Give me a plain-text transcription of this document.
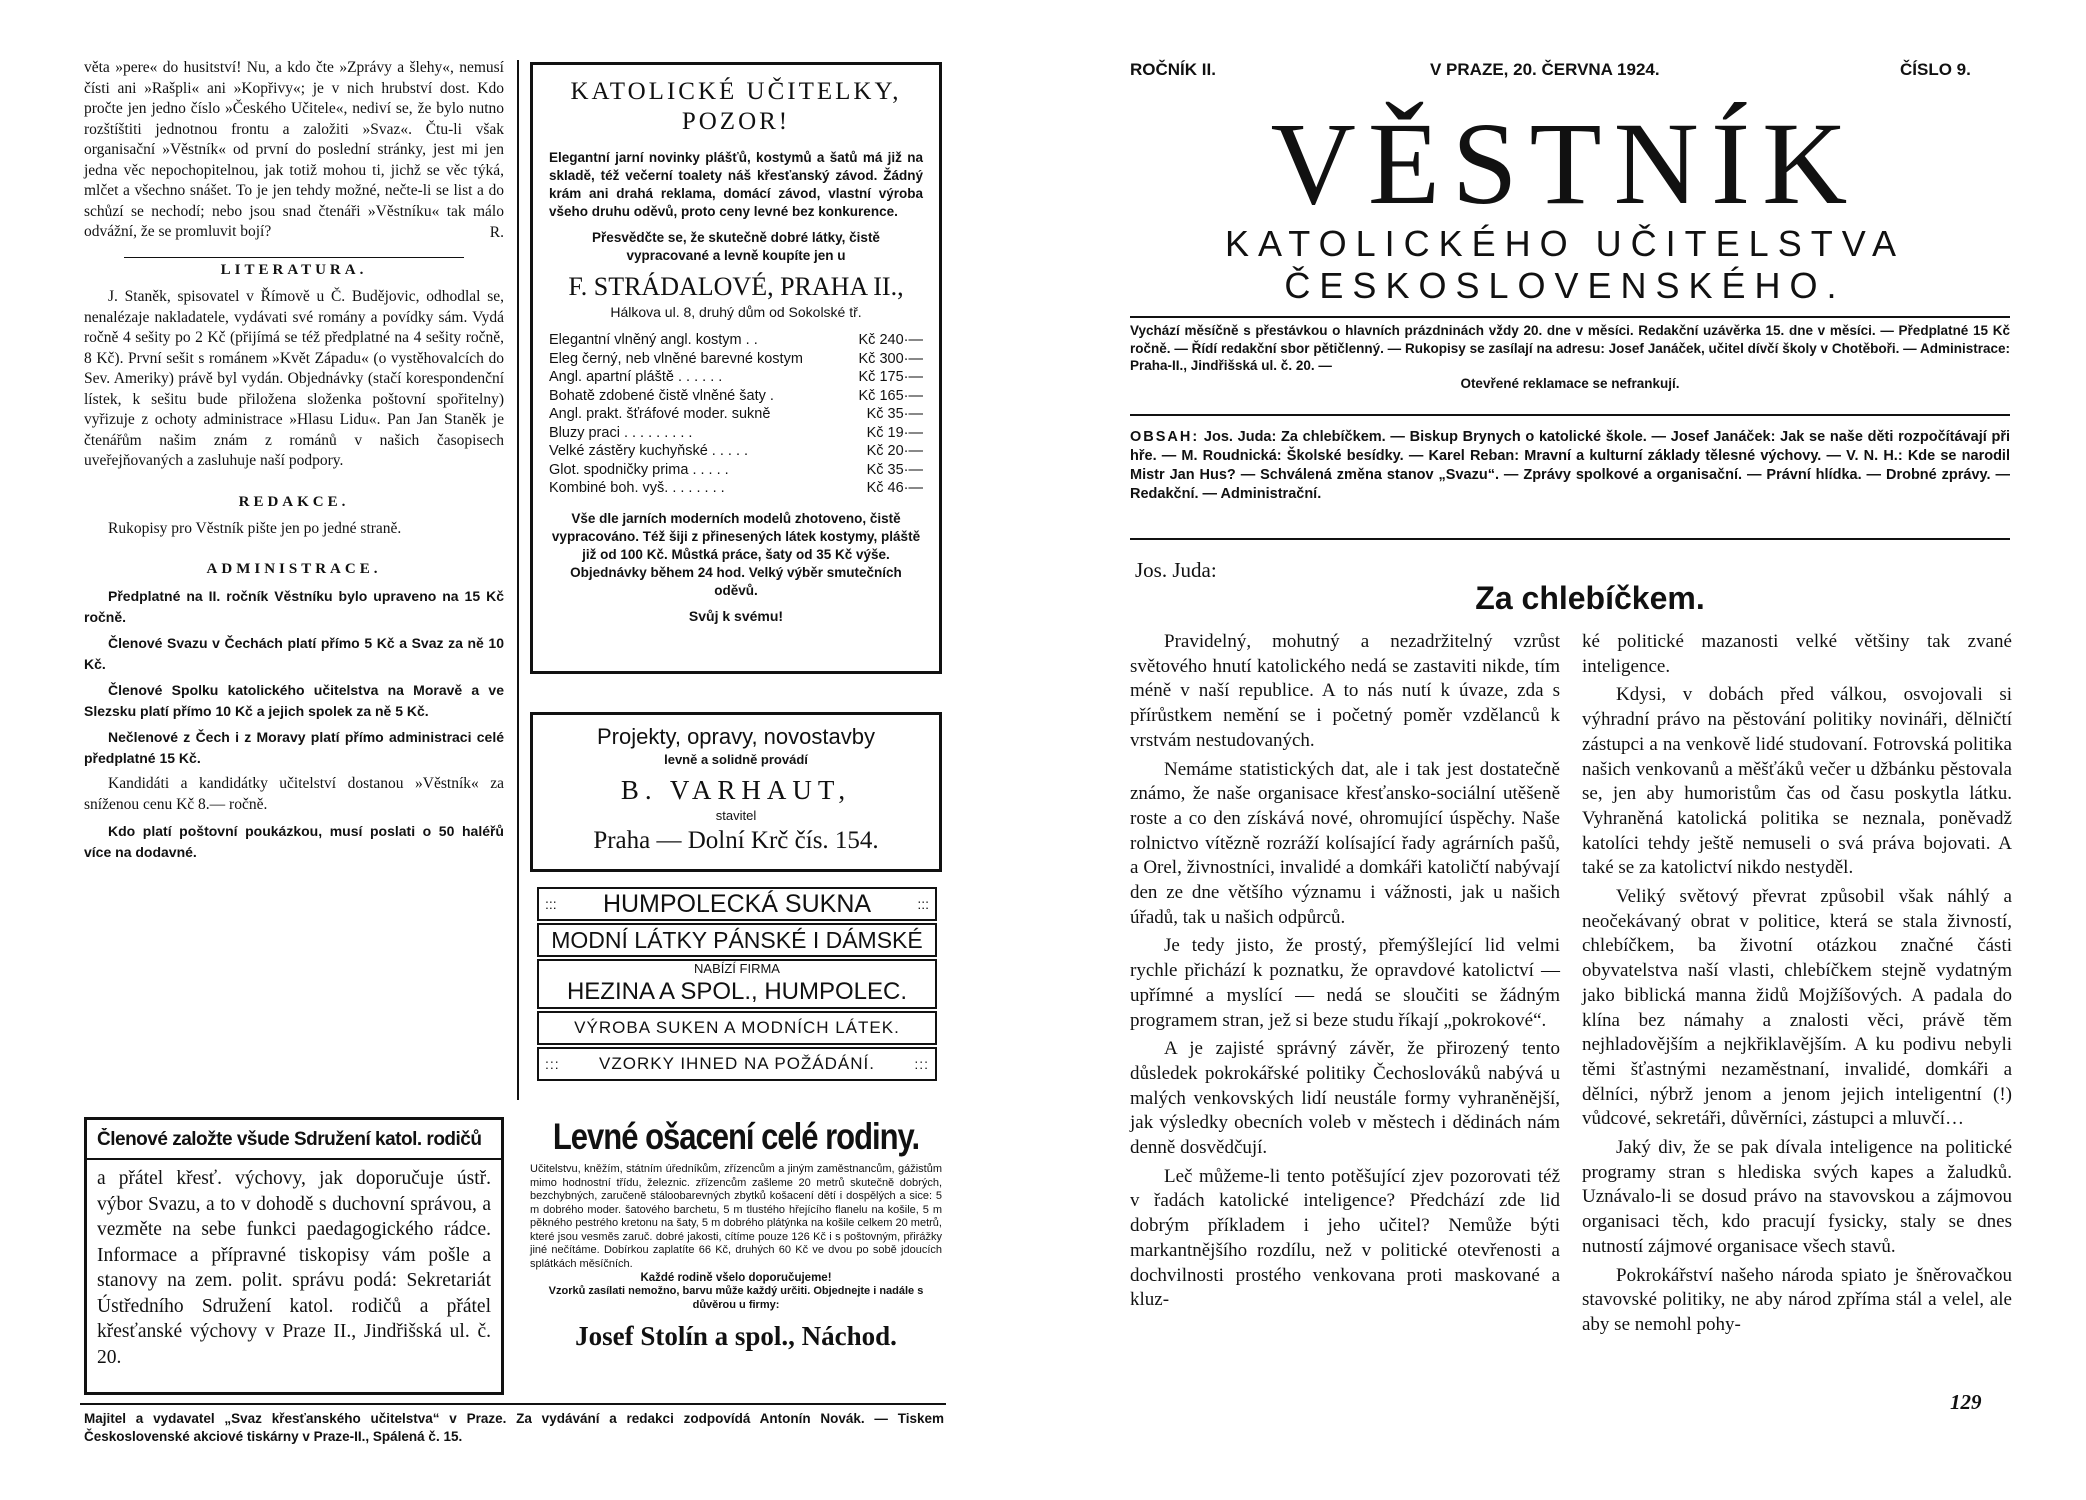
věta »pere« do husitství! Nu, a kdo čte »Zprávy a šlehy«, nemusí čísti ani »Rašpli« ani »Kopřivy«; je v nich hrubství dost. Kdo pročte jen jedno číslo »Českého Učitele«, nediví se, že bylo nutno rozštíštiti jednotnou frontu a založiti »Svaz«. Čtu-li však organisační »Věstník« od první do poslední stránky, jest mi jen jedna věc nepochopitelnou, jak totiž mohou ti, jichž se věc týká, mlčet a všechno snášet. To je jen tehdy možné, nečte-li se list a do schůzí se nechodí; nebo jsou snad čtenáři »Věstníku« tak málo odvážní, že se promluvit bojí?	R.
LITERATURA.

J. Staněk, spisovatel v Římově u Č. Budějovic, odhodlal se, nenalézaje nakladatele, vydávati své romány a povídky sám. Vydá ročně 4 sešity po 2 Kč (přijímá se též předplatné na 4 sešity ročně, 8 Kč). První sešit s románem »Květ Západu« (o vystěhovalcích do Sev. Ameriky) právě byl vydán. Objednávky (stačí korespondenční lístek, k sešitu bude přiložena složenka poštovní spořitelny) vyřizuje z ochoty administrace »Hlasu Lidu«. Pan Jan Staněk je čtenářům našim znám z románů v našich časopisech uveřejňovaných a zasluhuje naší podpory.

REDAKCE.

Rukopisy pro Věstník pište jen po jedné straně.

ADMINISTRACE.

Předplatné na II. ročník Věstníku bylo upraveno na 15 Kč ročně.

Členové Svazu v Čechách platí přímo 5 Kč a Svaz za ně 10 Kč.

Členové Spolku katolického učitelstva na Moravě a ve Slezsku platí přímo 10 Kč a jejich spolek za ně 5 Kč.

Nečlenové z Čech i z Moravy platí přímo administraci celé předplatné 15 Kč.

Kandidáti a kandidátky učitelství dostanou »Věstník« za sníženou cenu Kč 8.— ročně.

Kdo platí poštovní poukázkou, musí poslati o 50 haléřů více na dodavné.

KATOLICKÉ UČITELKY,
POZOR!

Elegantní jarní novinky plášťů, kostymů a šatů má již na skladě, též večerní toalety náš křesťanský závod. Žádný krám ani drahá reklama, domácí závod, vlastní výroba všeho druhu oděvů, proto ceny levné bez konkurence.

Přesvědčte se, že skutečně dobré látky, čistě vypracované a levně koupíte jen u

F. STRÁDALOVÉ, PRAHA II.,
Hálkova ul. 8, druhý dům od Sokolské tř.
Elegantní vlněný angl. kostym . .	Kč 240·—
Eleg černý, neb vlněné barevné kostym	Kč 300·—
Angl. apartní pláště . . . . . .	Kč 175·—
Bohatě zdobené čistě vlněné šaty .	Kč 165·—
Angl. prakt. šťráfové moder. sukně	Kč 35·—
Bluzy praci . . . . . . . . .	Kč 19·—
Velké zástěry kuchyňské . . . . .	Kč 20·—
Glot. spodničky prima . . . . .	Kč 35·—
Kombiné boh. vyš. . . . . . . .	Kč 46·—

Vše dle jarních moderních modelů zhotoveno, čistě vypracováno. Též šiji z přinesených látek kostymy, pláště již od 100 Kč. Můstká práce, šaty od 35 Kč výše. Objednávky během 24 hod. Velký výběr smutečních oděvů.

Svůj k svému!
Projekty, opravy, novostavby
levně a solidně provádí
B. VARHAUT,
stavitel
Praha — Dolní Krč čís. 154.
::: HUMPOLECKÁ SUKNA	:::
MODNÍ LÁTKY PÁNSKÉ I DÁMSKÉ
NABÍZÍ FIRMA
HEZINA A SPOL., HUMPOLEC.
VÝROBA SUKEN A MODNÍCH LÁTEK.
::: VZORKY IHNED NA POŽÁDÁNÍ.	:::
Členové založte všude Sdružení katol. rodičů

a přátel křesť. výchovy, jak doporučuje ústř. výbor Svazu, a to v dohodě s duchovní správou, a vezměte na sebe funkci paedagogického rádce. Informace a přípravné tiskopisy vám pošle a stanovy na zem. polit. správu podá: Sekretariát Ústředního Sdružení katol. rodičů a přátel křesťanské výchovy v Praze II., Jindřišská ul. č. 20.

Levné ošacení celé rodiny.

Učitelstvu, kněžím, státním úředníkům, zřízencům a jiným zaměstnancům, gážistům mimo hodnostní třídu, železnic. zřízencům zašleme 20 metrů skutečně dobrých, bezchybných, zaručeně stáloobarevných zbytků košacení dětí i dospělých a sice: 5 m dobrého moder. šatového barchetu, 5 m tlustého hřejícího flanelu na košile, 5 m pěkného pestrého kretonu na šaty, 5 m dobrého plátýnka na košile celkem 20 metrů, které jsou vesměs zaruč. dobré jakosti, cítíme pouze 126 Kč i s poštovným, přirážky jiné nečítáme. Dobírkou zaplatíte 66 Kč, druhých 60 Kč ve dvou po sobě jdoucích splátkách měsíčních.

Každé rodině všelo doporučujeme!

Vzorků zasílati nemožno, barvu může každý určiti. Objednejte i nadále s důvěrou u firmy:

Josef Stolín a spol., Náchod.
Majitel a vydavatel „Svaz křesťanského učitelstva“ v Praze. Za vydávání a redakci zodpovídá Antonín Novák. — Tiskem Československé akciové tiskárny v Praze-II., Spálená č. 15.
ROČNÍK II.	V PRAZE, 20. ČERVNA 1924.	ČÍSLO 9.
VĚSTNÍK
KATOLICKÉHO UČITELSTVA
ČESKOSLOVENSKÉHO.

Vychází měsíčně s přestávkou o hlavních prázdninách vždy 20. dne v měsíci. Redakční uzávěrka 15. dne v měsíci. — Předplatné 15 Kč ročně. — Řídí redakční sbor pětičlenný. — Rukopisy se zasílají na adresu: Josef Janáček, učitel dívčí školy v Chotěboři. — Administrace: Praha-II., Jindřišská ul. č. 20. —

Otevřené reklamace se nefrankují.

OBSAH: Jos. Juda: Za chlebíčkem. — Biskup Brynych o katolické škole. — Josef Janáček: Jak se naše děti rozpočítávají při hře. — M. Roudnická: Školské besídky. — Karel Reban: Mravní a kulturní základy tělesné výchovy. — V. N. H.: Kde se narodil Mistr Jan Hus? — Schválená změna stanov „Svazu“. — Zprávy spolkové a organisační. — Právní hlídka. — Drobné zprávy. — Redakční. — Administrační.

Jos. Juda:
Za chlebíčkem.

Pravidelný, mohutný a nezadržitelný vzrůst světového hnutí katolického nedá se zastaviti nikde, tím méně v naší republice. A to nás nutí k úvaze, zda s přírůstkem nemění se i početný poměr vzdělanců k vrstvám nestudovaných.

Nemáme statistických dat, ale i tak jest dostatečně známo, že naše organisace křesťansko-sociální utěšeně roste a co den získává nové, ohromující úspěchy. Naše rolnictvo vítězně rozráží kolísající řady agrárních pašů, a Orel, živnostníci, invalidé a domkáři katoličtí nabývají den ze dne většího významu i vážnosti, jak u našich úřadů, tak u našich odpůrců.

Je tedy jisto, že prostý, přemýšlející lid velmi rychle přichází k poznatku, že opravdové katolictví — upřímné a myslící — nedá se sloučiti se žádným programem stran, jež si beze studu říkají „pokrokové“.

A je zajisté správný závěr, že přirozený tento důsledek pokrokářské politiky Čechoslováků nabývá u malých venkovských lidí neustále formy vyhraněnější, jak výsledky obecních voleb v městech i dědinách nám denně dosvědčují.

Leč můžeme-li tento potěšující zjev pozorovati též v řadách katolické inteligence? Předchází zde lid dobrým příkladem i jeho učitel? Nemůže býti markantnějšího rozdílu, než v politické otevřenosti a dochvilnosti prostého venkovana proti maskované a kluz-

ké politické mazanosti velké většiny tak zvané inteligence.

Kdysi, v dobách před válkou, osvojovali si výhradní právo na pěstování politiky novináři, dělničtí zástupci a na venkově lidé studovaní. Fotrovská politika našich venkovanů a měšťáků večer u džbánku pěstovala se, jen aby humoristům čas od času poskytla látku. Vyhraněná katolická politika se neznala, poněvadž katolíci tehdy ještě nemuseli o svá práva bojovati. A také se za katolictví nikdo nestyděl.

Veliký světový převrat způsobil však náhlý a neočekávaný obrat v politice, která se stala živností, chlebíčkem, ba životní otázkou značné části obyvatelstva naší vlasti, chlebíčkem stejně vydatným jako biblická manna židů Mojžíšových. A padala do klína bez námahy a znalosti věci, právě těm nejhladovějším a nejkřiklavějším. A ku podivu nebyli těmi šťastnými nezaměstnaní, invalidé, domkáři a dělníci, nýbrž jenom a jenom jejich inteligentní (!) vůdcové, sekretáři, důvěrníci, zástupci a mluvčí…

Jaký div, že se pak dívala inteligence na politické programy stran s hlediska svých kapes a žaludků. Uznávalo-li se dosud právo na stavovskou a zájmovou organisaci těch, kdo pracují fysicky, staly se dnes nutností zájmové organisace všech stavů.

Pokrokářství našeho národa spiato je šněrovačkou stavovské politiky, ne aby národ zpříma stál a velel, ale aby se nemohl pohy-

129
